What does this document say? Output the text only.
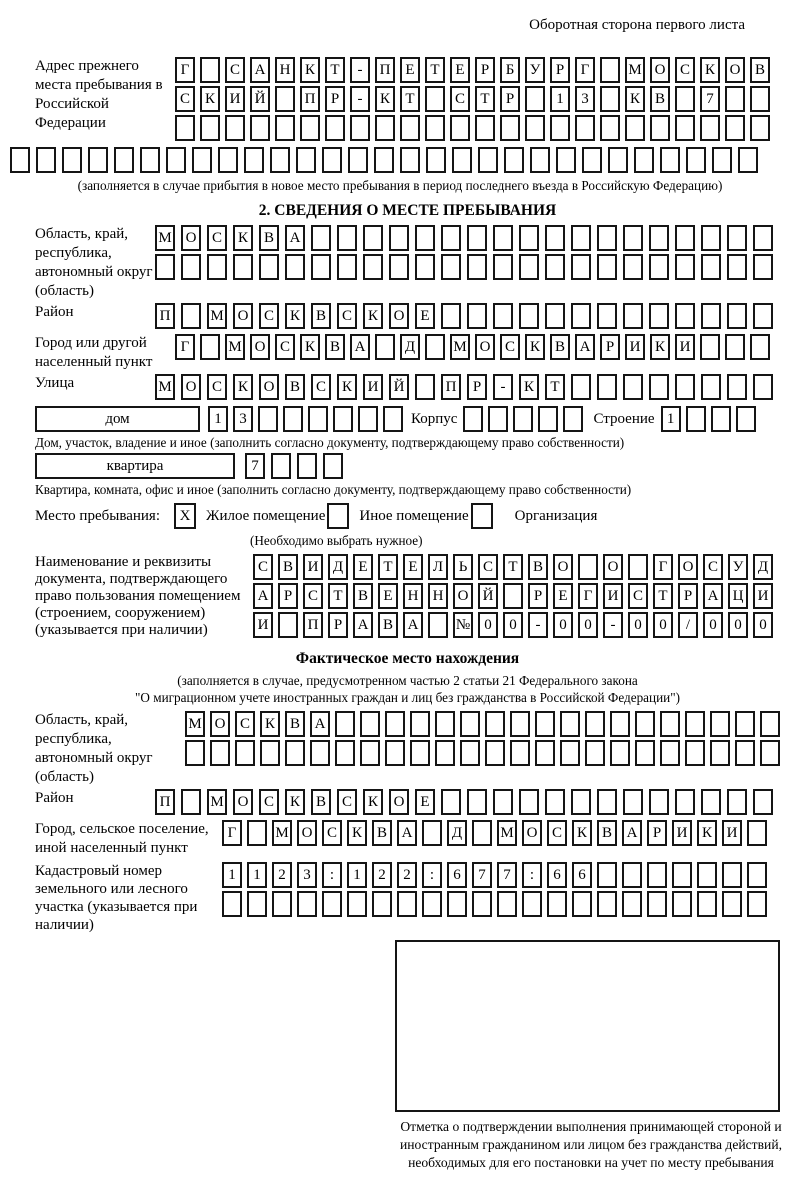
Оборотная сторона первого листа
Адрес прежнего места пребывания в Российской Федерации
Г	С А Н К	Т	-	П Е	Т	Е	Р	Б	У	Р	Г	М О С К О В
С К И Й	П	Р	-	К	Т	С	Т	Р	1	3	К В	7
(заполняется в случае прибытия в новое место пребывания в период последнего въезда в Российскую Федерацию)
2. СВЕДЕНИЯ О МЕСТЕ ПРЕБЫВАНИЯ
Область, край, республика, автономный округ (область)
М О	С	К	В	А
Район	П	М О	С	К	В	С	К	О	Е
Город или другой населенный пункт
Г	М О С К В А	Д	М О С К В А	Р	И К И
Улица	М О	С	К	О	В	С	К	И	Й	П	Р	-	К	Т
дом	1	3	Корпус	Строение 1
Дом, участок, владение и иное (заполнить согласно документу, подтверждающему право собственности)
квартира	7
Квартира, комната, офис и иное (заполнить согласно документу, подтверждающему право собственности)
Место пребывания:	X	Жилое помещение Иное помещение	Организация
(Необходимо выбрать нужное)
Наименование и реквизиты документа, подтверждающего право пользования помещением (строением, сооружением) (указывается при наличии)
С В И Д	Е	Т	Е	Л	Ь	С	Т	В О	О	Г	О С У Д
А	Р	С	Т	В	Е	Н Н О Й	Р	Е	Г	И С	Т	Р	А Ц И
И	П	Р	А В А	№ 0	0	-	0	0	-	0	0	/	0	0	0
Фактическое место нахождения
(заполняется в случае, предусмотренном частью 2 статьи 21 Федерального закона
"О миграционном учете иностранных граждан и лиц без гражданства в Российской Федерации")
Область, край, республика, автономный округ (область)
М О С К В А
Район	П	М О	С	К	В	С	К	О	Е
Город, сельское поселение, иной населенный пункт
Г	М О С К В А	Д	М О С К В А	Р	И К И
Кадастровый номер земельного или лесного участка (указывается при наличии)
1	1	2	3	:	1	2	2	:	6	7	7	:	6	6
Отметка о подтверждении выполнения принимающей стороной и иностранным гражданином или лицом без гражданства действий, необходимых для его постановки на учет по месту пребывания
